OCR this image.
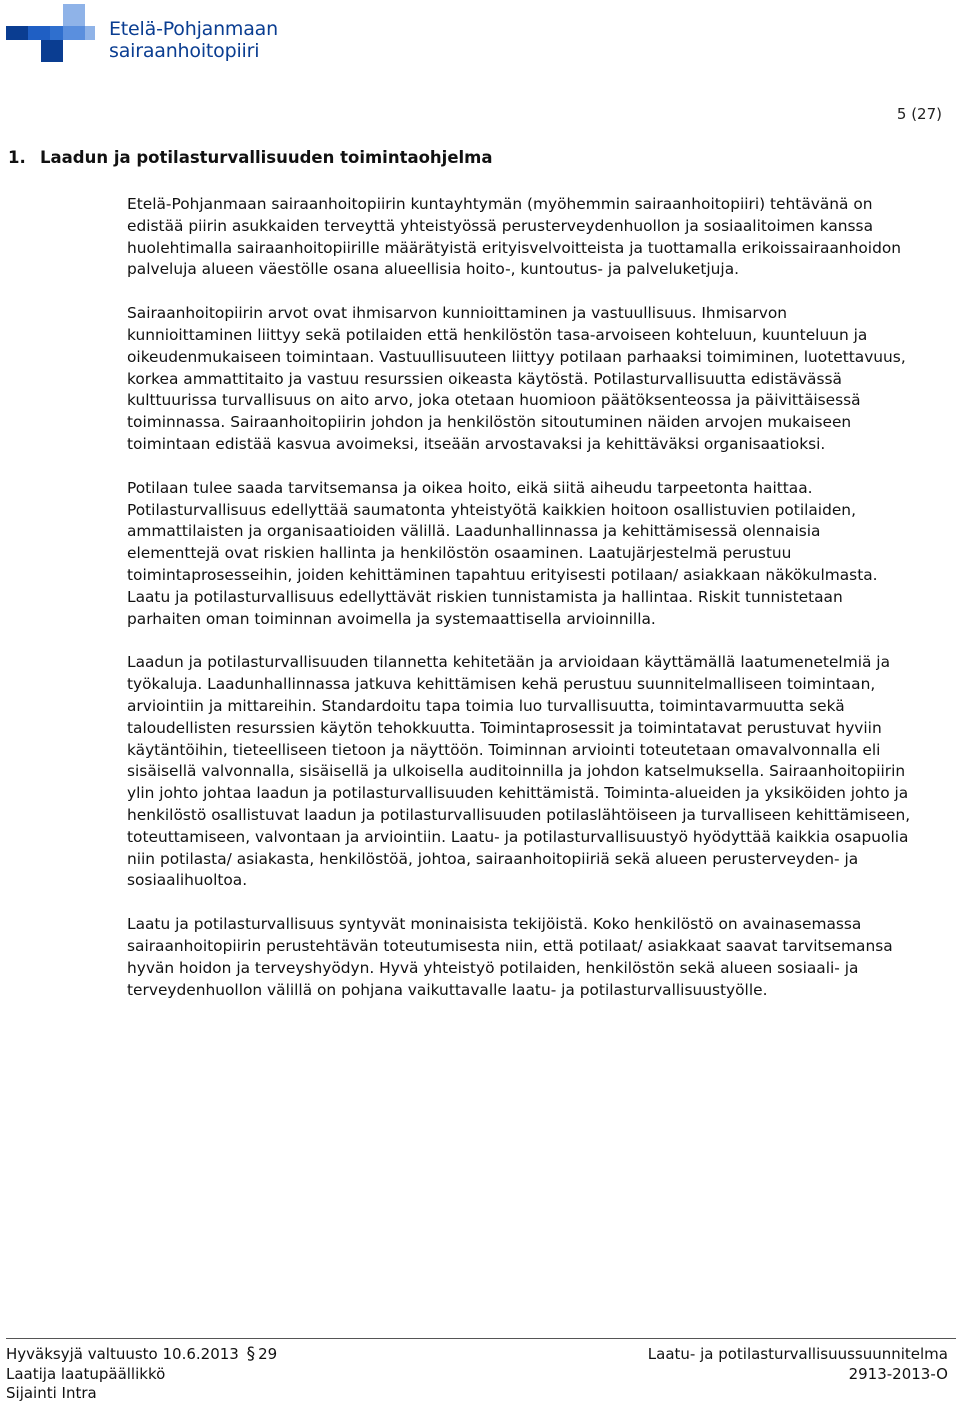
Etelä-Pohjanmaan
sairaanhoitopiiri
5 (27)
1. Laadun ja potilasturvallisuuden toimintaohjelma

Etelä-Pohjanmaan sairaanhoitopiirin kuntayhtymän (myöhemmin sairaanhoitopiiri) tehtävänä on edistää piirin asukkaiden terveyttä yhteistyössä perusterveydenhuollon ja sosiaalitoimen kanssa huolehtimalla sairaanhoitopiirille määrätyistä erityisvelvoitteista ja tuottamalla erikoissairaanhoidon palveluja alueen väestölle osana alueellisia hoito-, kuntoutus- ja palveluketjuja.

Sairaanhoitopiirin arvot ovat ihmisarvon kunnioittaminen ja vastuullisuus. Ihmisarvon kunnioittaminen liittyy sekä potilaiden että henkilöstön tasa-arvoiseen kohteluun, kuunteluun ja oikeudenmukaiseen toimintaan. Vastuullisuuteen liittyy potilaan parhaaksi toimiminen, luotettavuus, korkea ammattitaito ja vastuu resurssien oikeasta käytöstä. Potilasturvallisuutta edistävässä kulttuurissa turvallisuus on aito arvo, joka otetaan huomioon päätöksenteossa ja päivittäisessä toiminnassa. Sairaanhoitopiirin johdon ja henkilöstön sitoutuminen näiden arvojen mukaiseen toimintaan edistää kasvua avoimeksi, itseään arvostavaksi ja kehittäväksi organisaatioksi.

Potilaan tulee saada tarvitsemansa ja oikea hoito, eikä siitä aiheudu tarpeetonta haittaa. Potilasturvallisuus edellyttää saumatonta yhteistyötä kaikkien hoitoon osallistuvien potilaiden, ammattilaisten ja organisaatioiden välillä. Laadunhallinnassa ja kehittämisessä olennaisia elementtejä ovat riskien hallinta ja henkilöstön osaaminen. Laatujärjestelmä perustuu toimintaprosesseihin, joiden kehittäminen tapahtuu erityisesti potilaan/ asiakkaan näkökulmasta. Laatu ja potilasturvallisuus edellyttävät riskien tunnistamista ja hallintaa. Riskit tunnistetaan parhaiten oman toiminnan avoimella ja systemaattisella arvioinnilla.

Laadun ja potilasturvallisuuden tilannetta kehitetään ja arvioidaan käyttämällä laatumenetelmiä ja työkaluja. Laadunhallinnassa jatkuva kehittämisen kehä perustuu suunnitelmalliseen toimintaan, arviointiin ja mittareihin. Standardoitu tapa toimia luo turvallisuutta, toimintavarmuutta sekä taloudellisten resurssien käytön tehokkuutta. Toimintaprosessit ja toimintatavat perustuvat hyviin käytäntöihin, tieteelliseen tietoon ja näyttöön. Toiminnan arviointi toteutetaan omavalvonnalla eli sisäisellä valvonnalla, sisäisellä ja ulkoisella auditoinnilla ja johdon katselmuksella. Sairaanhoitopiirin ylin johto johtaa laadun ja potilasturvallisuuden kehittämistä. Toiminta-alueiden ja yksiköiden johto ja henkilöstö osallistuvat laadun ja potilasturvallisuuden potilaslähtöiseen ja turvalliseen kehittämiseen, toteuttamiseen, valvontaan ja arviointiin. Laatu- ja potilasturvallisuustyö hyödyttää kaikkia osapuolia niin potilasta/ asiakasta, henkilöstöä, johtoa, sairaanhoitopiiriä sekä alueen perusterveyden- ja sosiaalihuoltoa.

Laatu ja potilasturvallisuus syntyvät moninaisista tekijöistä. Koko henkilöstö on avainasemassa sairaanhoitopiirin perustehtävän toteutumisesta niin, että potilaat/ asiakkaat saavat tarvitsemansa hyvän hoidon ja terveyshyödyn. Hyvä yhteistyö potilaiden, henkilöstön sekä alueen sosiaali- ja terveydenhuollon välillä on pohjana vaikuttavalle laatu- ja potilasturvallisuustyölle.

Hyväksyjä valtuusto 10.6.2013 § 29	Laatu- ja potilasturvallisuussuunnitelma
Laatija laatupäällikkö	2913-2013-O
Sijainti Intra
